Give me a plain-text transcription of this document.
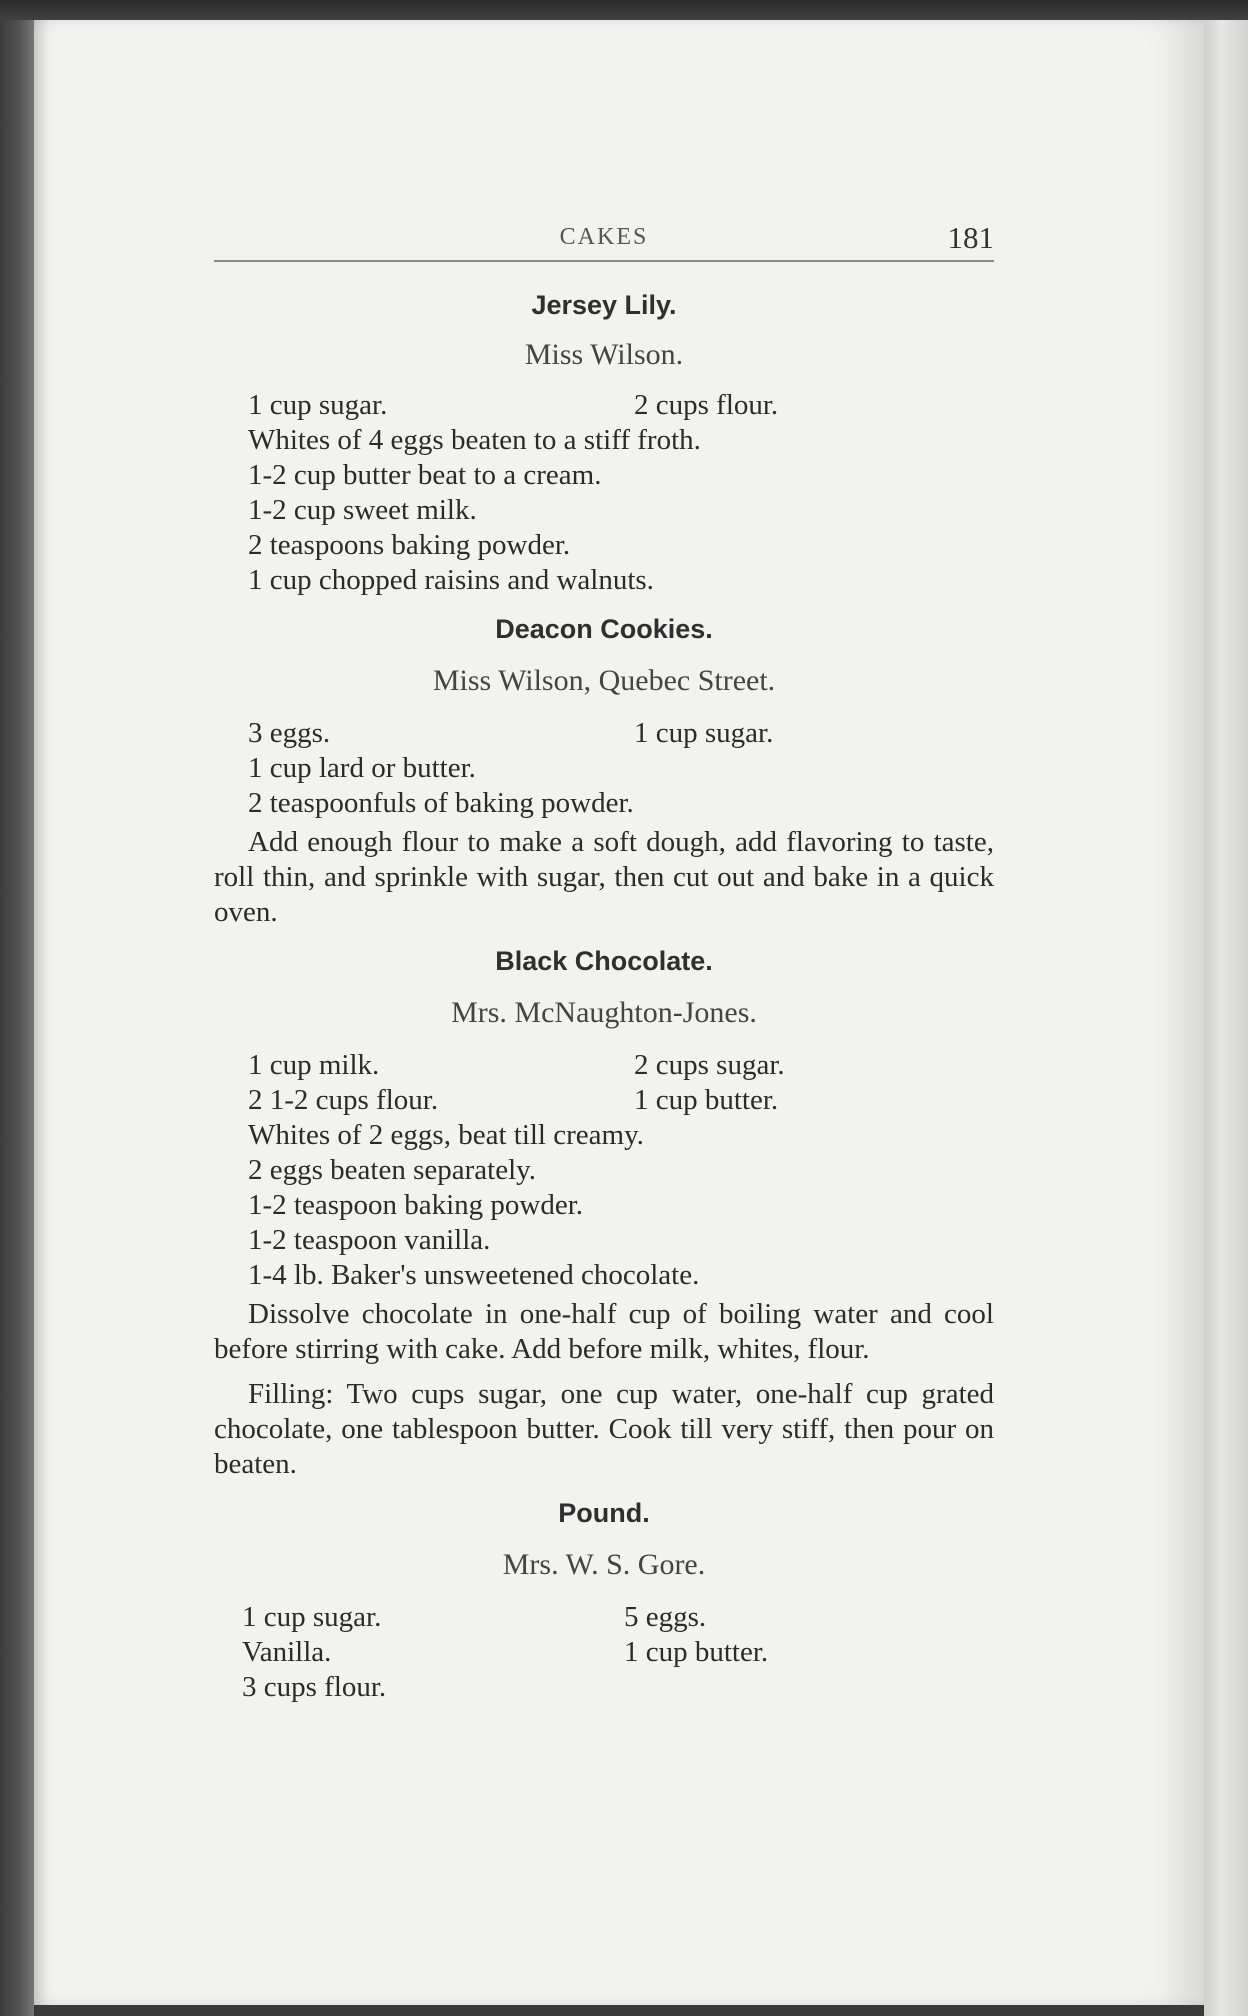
CAKES	181
Jersey Lily.
Miss Wilson.
1 cup sugar.	2 cups flour.
Whites of 4 eggs beaten to a stiff froth.
1-2 cup butter beat to a cream.
1-2 cup sweet milk.
2 teaspoons baking powder.
1 cup chopped raisins and walnuts.
Deacon Cookies.
Miss Wilson, Quebec Street.
3 eggs.	1 cup sugar.
1 cup lard or butter.
2 teaspoonfuls of baking powder.

Add enough flour to make a soft dough, add flavoring to taste, roll thin, and sprinkle with sugar, then cut out and bake in a quick oven.

Black Chocolate.
Mrs. McNaughton-Jones.
1 cup milk.	2 cups sugar.
2 1-2 cups flour.	1 cup butter.
Whites of 2 eggs, beat till creamy.
2 eggs beaten separately.
1-2 teaspoon baking powder.
1-2 teaspoon vanilla.
1-4 lb. Baker's unsweetened chocolate.

Dissolve chocolate in one-half cup of boiling water and cool before stirring with cake. Add before milk, whites, flour.

Filling: Two cups sugar, one cup water, one-half cup grated chocolate, one tablespoon butter. Cook till very stiff, then pour on beaten.

Pound.
Mrs. W. S. Gore.
1 cup sugar.	5 eggs.
Vanilla.	1 cup butter.
3 cups flour.
